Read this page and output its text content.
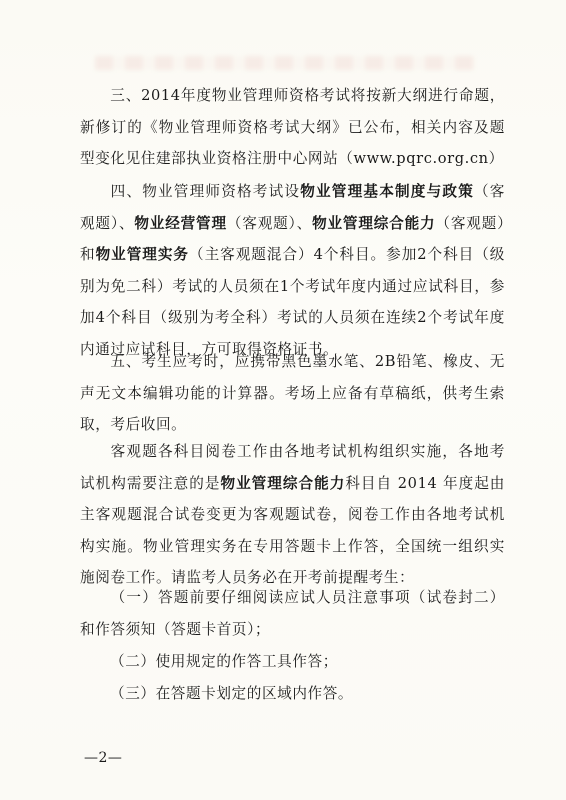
三、2014年度物业管理师资格考试将按新大纲进行命题，新修订的《物业管理师资格考试大纲》已公布，相关内容及题型变化见住建部执业资格注册中心网站（www.pqrc.org.cn）

四、物业管理师资格考试设物业管理基本制度与政策（客观题）、物业经营管理（客观题）、物业管理综合能力（客观题）和物业管理实务（主客观题混合）4个科目。参加2个科目（级别为免二科）考试的人员须在1个考试年度内通过应试科目，参加4个科目（级别为考全科）考试的人员须在连续2个考试年度内通过应试科目，方可取得资格证书。

五、考生应考时，应携带黑色墨水笔、2B铅笔、橡皮、无声无文本编辑功能的计算器。考场上应备有草稿纸，供考生索取，考后收回。

客观题各科目阅卷工作由各地考试机构组织实施，各地考试机构需要注意的是物业管理综合能力科目自 2014 年度起由主客观题混合试卷变更为客观题试卷，阅卷工作由各地考试机构实施。物业管理实务在专用答题卡上作答，全国统一组织实施阅卷工作。请监考人员务必在开考前提醒考生：

（一）答题前要仔细阅读应试人员注意事项（试卷封二）和作答须知（答题卡首页）；

（二）使用规定的作答工具作答；

（三）在答题卡划定的区域内作答。

—2—
